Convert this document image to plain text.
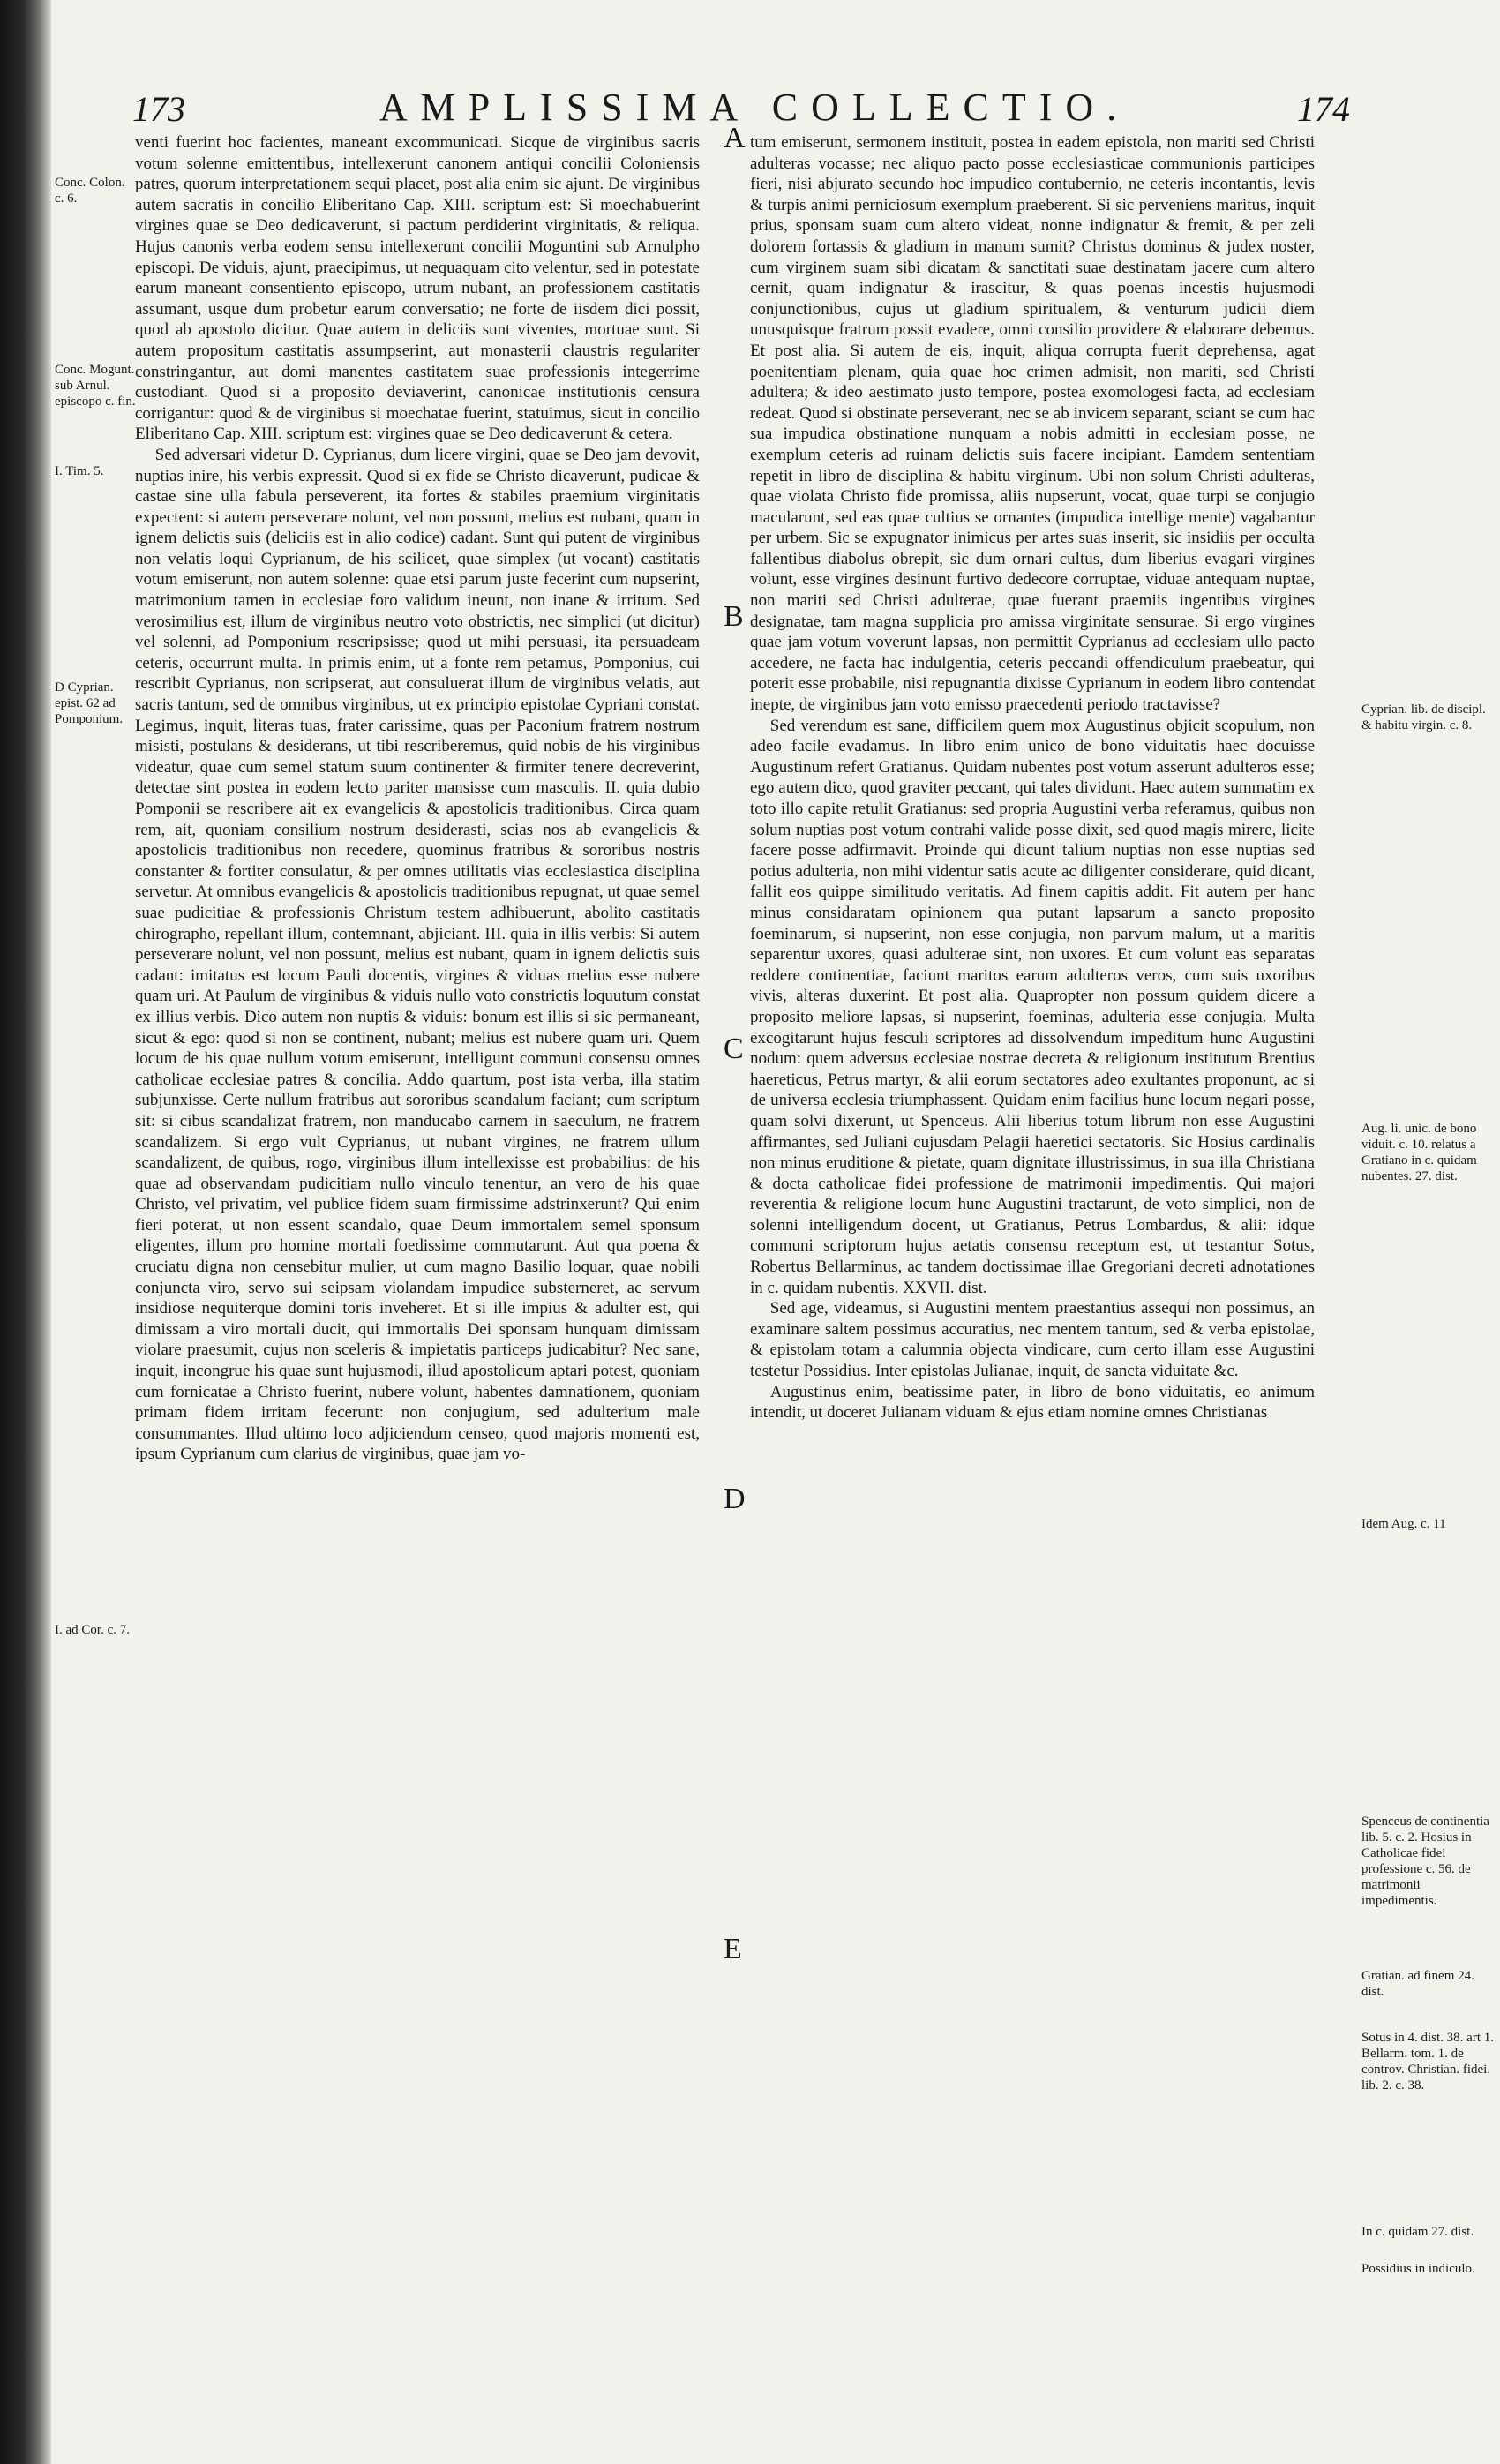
173	AMPLISSIMA COLLECTIO.	174
Conc. Colon. c. 6.
Conc. Mogunt. sub Arnul. episcopo c. fin.
I. Tim. 5.
D Cyprian. epist. 62 ad Pomponium.
I. ad Cor. c. 7.
Cyprian. lib. de discipl. & habitu virgin. c. 8.
Aug. li. unic. de bono viduit. c. 10. relatus a Gratiano in c. quidam nubentes. 27. dist.
Idem Aug. c. 11
Spenceus de continentia lib. 5. c. 2. Hosius in Catholicae fidei professione c. 56. de matrimonii impedimentis.
Gratian. ad finem 24. dist.
Sotus in 4. dist. 38. art 1. Bellarm. tom. 1. de controv. Christian. fidei. lib. 2. c. 38.
In c. quidam 27. dist.
Possidius in indiculo.
A
B
C
D
E

venti fuerint hoc facientes, maneant excommunicati. Sicque de virginibus sacris votum solenne emittentibus, intellexerunt canonem antiqui concilii Coloniensis patres, quorum interpretationem sequi placet, post alia enim sic ajunt. De virginibus autem sacratis in concilio Eliberitano Cap. XIII. scriptum est: Si moechabuerint virgines quae se Deo dedicaverunt, si pactum perdiderint virginitatis, & reliqua. Hujus canonis verba eodem sensu intellexerunt concilii Moguntini sub Arnulpho episcopi. De viduis, ajunt, praecipimus, ut nequaquam cito velentur, sed in potestate earum maneant consentiento episcopo, utrum nubant, an professionem castitatis assumant, usque dum probetur earum conversatio; ne forte de iisdem dici possit, quod ab apostolo dicitur. Quae autem in deliciis sunt viventes, mortuae sunt. Si autem propositum castitatis assumpserint, aut monasterii claustris regulariter constringantur, aut domi manentes castitatem suae professionis integerrime custodiant. Quod si a proposito deviaverint, canonicae institutionis censura corrigantur: quod & de virginibus si moechatae fuerint, statuimus, sicut in concilio Eliberitano Cap. XIII. scriptum est: virgines quae se Deo dedicaverunt & cetera.

Sed adversari videtur D. Cyprianus, dum licere virgini, quae se Deo jam devovit, nuptias inire, his verbis expressit. Quod si ex fide se Christo dicaverunt, pudicae & castae sine ulla fabula perseverent, ita fortes & stabiles praemium virginitatis expectent: si autem perseverare nolunt, vel non possunt, melius est nubant, quam in ignem delictis suis (deliciis est in alio codice) cadant. Sunt qui putent de virginibus non velatis loqui Cyprianum, de his scilicet, quae simplex (ut vocant) castitatis votum emiserunt, non autem solenne: quae etsi parum juste fecerint cum nupserint, matrimonium tamen in ecclesiae foro validum ineunt, non inane & irritum. Sed verosimilius est, illum de virginibus neutro voto obstrictis, nec simplici (ut dicitur) vel solenni, ad Pomponium rescripsisse; quod ut mihi persuasi, ita persuadeam ceteris, occurrunt multa. In primis enim, ut a fonte rem petamus, Pomponius, cui rescribit Cyprianus, non scripserat, aut consuluerat illum de virginibus velatis, aut sacris tantum, sed de omnibus virginibus, ut ex principio epistolae Cypriani constat. Legimus, inquit, literas tuas, frater carissime, quas per Paconium fratrem nostrum misisti, postulans & desiderans, ut tibi rescriberemus, quid nobis de his virginibus videatur, quae cum semel statum suum continenter & firmiter tenere decreverint, detectae sint postea in eodem lecto pariter mansisse cum masculis. II. quia dubio Pomponii se rescribere ait ex evangelicis & apostolicis traditionibus. Circa quam rem, ait, quoniam consilium nostrum desiderasti, scias nos ab evangelicis & apostolicis traditionibus non recedere, quominus fratribus & sororibus nostris constanter & fortiter consulatur, & per omnes utilitatis vias ecclesiastica disciplina servetur. At omnibus evangelicis & apostolicis traditionibus repugnat, ut quae semel suae pudicitiae & professionis Christum testem adhibuerunt, abolito castitatis chirographo, repellant illum, contemnant, abjiciant. III. quia in illis verbis: Si autem perseverare nolunt, vel non possunt, melius est nubant, quam in ignem delictis suis cadant: imitatus est locum Pauli docentis, virgines & viduas melius esse nubere quam uri. At Paulum de virginibus & viduis nullo voto constrictis loquutum constat ex illius verbis. Dico autem non nuptis & viduis: bonum est illis si sic permaneant, sicut & ego: quod si non se continent, nubant; melius est nubere quam uri. Quem locum de his quae nullum votum emiserunt, intelligunt communi consensu omnes catholicae ecclesiae patres & concilia. Addo quartum, post ista verba, illa statim subjunxisse. Certe nullum fratribus aut sororibus scandalum faciant; cum scriptum sit: si cibus scandalizat fratrem, non manducabo carnem in saeculum, ne fratrem scandalizem. Si ergo vult Cyprianus, ut nubant virgines, ne fratrem ullum scandalizent, de quibus, rogo, virginibus illum intellexisse est probabilius: de his quae ad observandam pudicitiam nullo vinculo tenentur, an vero de his quae Christo, vel privatim, vel publice fidem suam firmissime adstrinxerunt? Qui enim fieri poterat, ut non essent scandalo, quae Deum immortalem semel sponsum eligentes, illum pro homine mortali foedissime commutarunt. Aut qua poena & cruciatu digna non censebitur mulier, ut cum magno Basilio loquar, quae nobili conjuncta viro, servo sui seipsam violandam impudice substerneret, ac servum insidiose nequiterque domini toris inveheret. Et si ille impius & adulter est, qui dimissam a viro mortali ducit, qui immortalis Dei sponsam hunquam dimissam violare praesumit, cujus non sceleris & impietatis particeps judicabitur? Nec sane, inquit, incongrue his quae sunt hujusmodi, illud apostolicum aptari potest, quoniam cum fornicatae a Christo fuerint, nubere volunt, habentes damnationem, quoniam primam fidem irritam fecerunt: non conjugium, sed adulterium male consummantes. Illud ultimo loco adjiciendum censeo, quod majoris momenti est, ipsum Cyprianum cum clarius de virginibus, quae jam vo-

tum emiserunt, sermonem instituit, postea in eadem epistola, non mariti sed Christi adulteras vocasse; nec aliquo pacto posse ecclesiasticae communionis participes fieri, nisi abjurato secundo hoc impudico contubernio, ne ceteris incontantis, levis & turpis animi perniciosum exemplum praeberent. Si sic perveniens maritus, inquit prius, sponsam suam cum altero videat, nonne indignatur & fremit, & per zeli dolorem fortassis & gladium in manum sumit? Christus dominus & judex noster, cum virginem suam sibi dicatam & sanctitati suae destinatam jacere cum altero cernit, quam indignatur & irascitur, & quas poenas incestis hujusmodi conjunctionibus, cujus ut gladium spiritualem, & venturum judicii diem unusquisque fratrum possit evadere, omni consilio providere & elaborare debemus. Et post alia. Si autem de eis, inquit, aliqua corrupta fuerit deprehensa, agat poenitentiam plenam, quia quae hoc crimen admisit, non mariti, sed Christi adultera; & ideo aestimato justo tempore, postea exomologesi facta, ad ecclesiam redeat. Quod si obstinate perseverant, nec se ab invicem separant, sciant se cum hac sua impudica obstinatione nunquam a nobis admitti in ecclesiam posse, ne exemplum ceteris ad ruinam delictis suis facere incipiant. Eamdem sententiam repetit in libro de disciplina & habitu virginum. Ubi non solum Christi adulteras, quae violata Christo fide promissa, aliis nupserunt, vocat, quae turpi se conjugio macularunt, sed eas quae cultius se ornantes (impudica intellige mente) vagabantur per urbem. Sic se expugnator inimicus per artes suas inserit, sic insidiis per occulta fallentibus diabolus obrepit, sic dum ornari cultus, dum liberius evagari virgines volunt, esse virgines desinunt furtivo dedecore corruptae, viduae antequam nuptae, non mariti sed Christi adulterae, quae fuerant praemiis ingentibus virgines designatae, tam magna supplicia pro amissa virginitate sensurae. Si ergo virgines quae jam votum voverunt lapsas, non permittit Cyprianus ad ecclesiam ullo pacto accedere, ne facta hac indulgentia, ceteris peccandi offendiculum praebeatur, qui poterit esse probabile, nisi repugnantia dixisse Cyprianum in eodem libro contendat inepte, de virginibus jam voto emisso praecedenti periodo tractavisse?

Sed verendum est sane, difficilem quem mox Augustinus objicit scopulum, non adeo facile evadamus. In libro enim unico de bono viduitatis haec docuisse Augustinum refert Gratianus. Quidam nubentes post votum asserunt adulteros esse; ego autem dico, quod graviter peccant, qui tales dividunt. Haec autem summatim ex toto illo capite retulit Gratianus: sed propria Augustini verba referamus, quibus non solum nuptias post votum contrahi valide posse dixit, sed quod magis mirere, licite facere posse adfirmavit. Proinde qui dicunt talium nuptias non esse nuptias sed potius adulteria, non mihi videntur satis acute ac diligenter considerare, quid dicant, fallit eos quippe similitudo veritatis. Ad finem capitis addit. Fit autem per hanc minus considaratam opinionem qua putant lapsarum a sancto proposito foeminarum, si nupserint, non esse conjugia, non parvum malum, ut a maritis separentur uxores, quasi adulterae sint, non uxores. Et cum volunt eas separatas reddere continentiae, faciunt maritos earum adulteros veros, cum suis uxoribus vivis, alteras duxerint. Et post alia. Quapropter non possum quidem dicere a proposito meliore lapsas, si nupserint, foeminas, adulteria esse conjugia. Multa excogitarunt hujus fesculi scriptores ad dissolvendum impeditum hunc Augustini nodum: quem adversus ecclesiae nostrae decreta & religionum institutum Brentius haereticus, Petrus martyr, & alii eorum sectatores adeo exultantes proponunt, ac si de universa ecclesia triumphassent. Quidam enim facilius hunc locum negari posse, quam solvi dixerunt, ut Spenceus. Alii liberius totum librum non esse Augustini affirmantes, sed Juliani cujusdam Pelagii haeretici sectatoris. Sic Hosius cardinalis non minus eruditione & pietate, quam dignitate illustrissimus, in sua illa Christiana & docta catholicae fidei professione de matrimonii impedimentis. Qui majori reverentia & religione locum hunc Augustini tractarunt, de voto simplici, non de solenni intelligendum docent, ut Gratianus, Petrus Lombardus, & alii: idque communi scriptorum hujus aetatis consensu receptum est, ut testantur Sotus, Robertus Bellarminus, ac tandem doctissimae illae Gregoriani decreti adnotationes in c. quidam nubentis. XXVII. dist.

Sed age, videamus, si Augustini mentem praestantius assequi non possimus, an examinare saltem possimus accuratius, nec mentem tantum, sed & verba epistolae, & epistolam totam a calumnia objecta vindicare, cum certo illam esse Augustini testetur Possidius. Inter epistolas Julianae, inquit, de sancta viduitate &c.

Augustinus enim, beatissime pater, in libro de bono viduitatis, eo animum intendit, ut doceret Julianam viduam & ejus etiam nomine omnes Christianas
